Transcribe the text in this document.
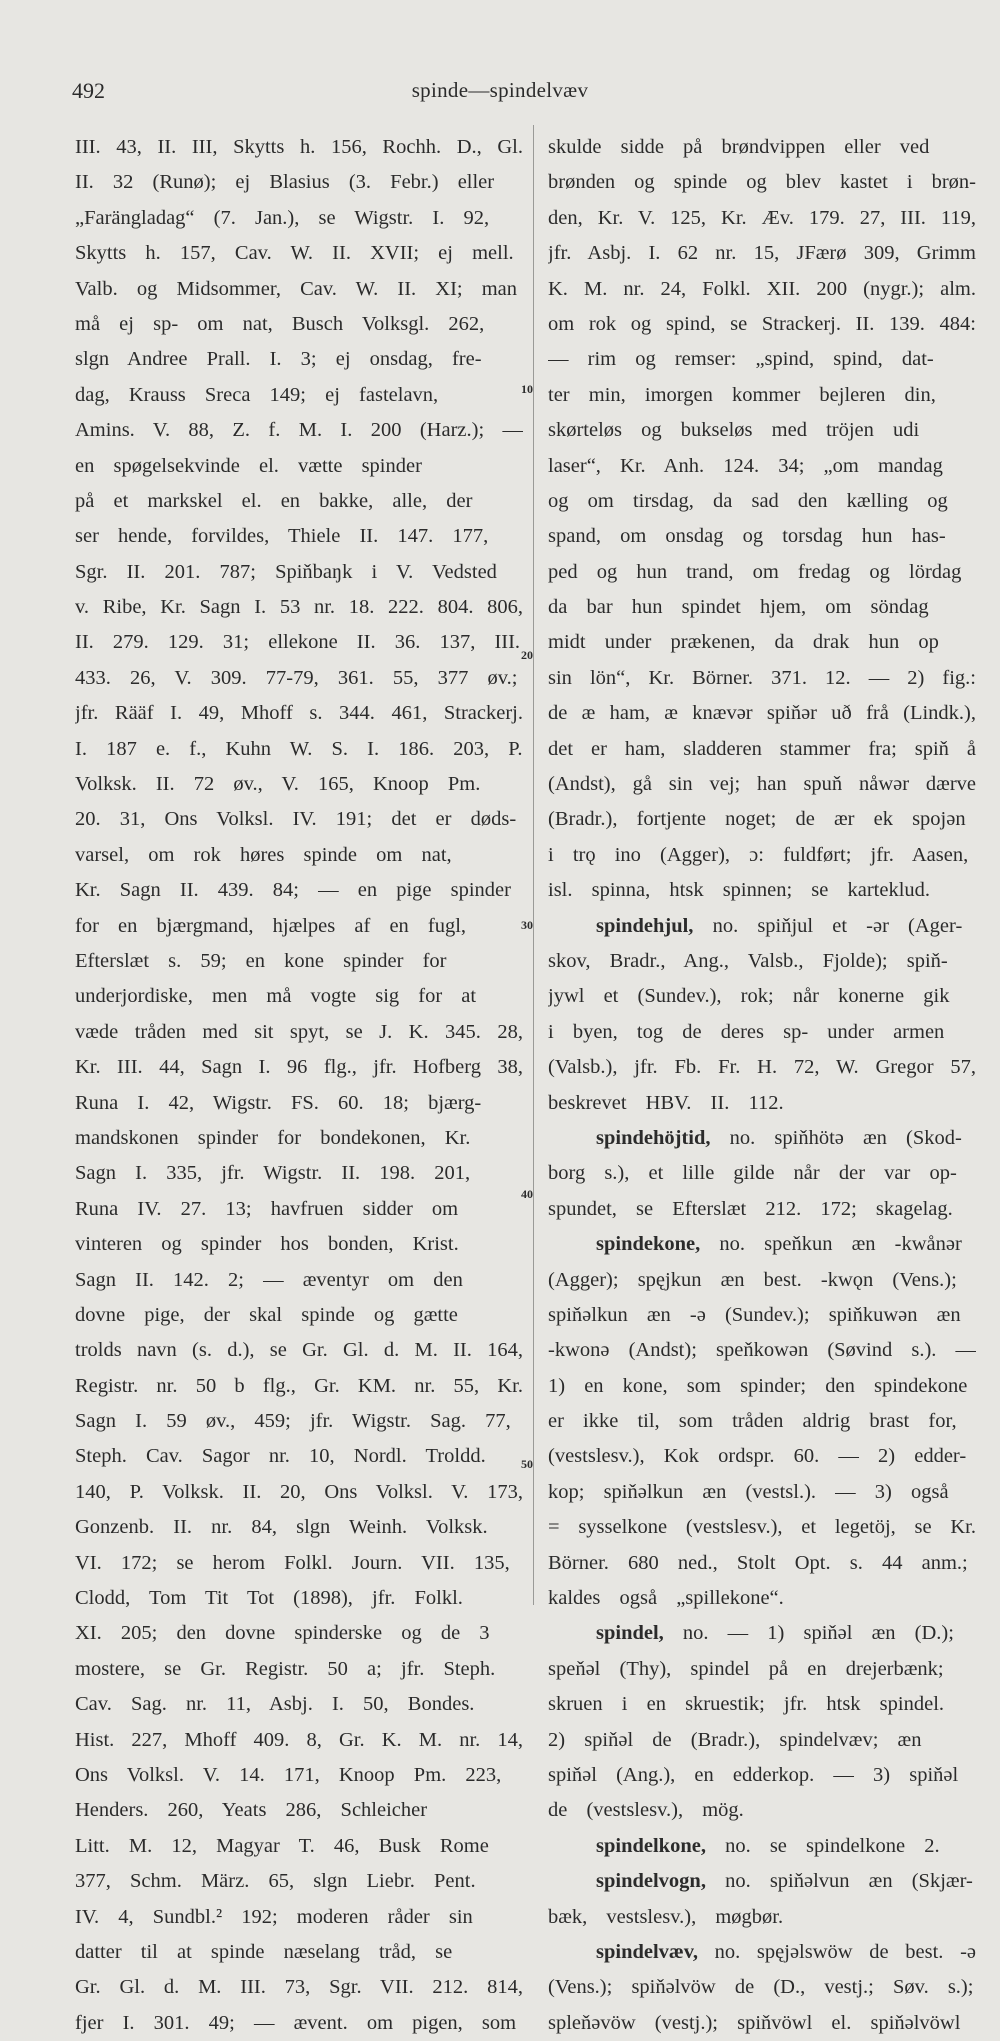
492	spinde—spindelvæv
III. 43, II. III, Skytts h. 156, Rochh. D., Gl.
II. 32 (Runø); ej Blasius (3. Febr.) eller
„Farängladag“ (7. Jan.), se Wigstr. I. 92,
Skytts h. 157, Cav. W. II. XVII; ej mell.
Valb. og Midsommer, Cav. W. II. XI; man
må ej sp- om nat, Busch Volksgl. 262,
slgn Andree Prall. I. 3; ej onsdag, fre-
dag, Krauss Sreca 149; ej fastelavn,
Amins. V. 88, Z. f. M. I. 200 (Harz.); —
en spøgelsekvinde el. vætte spinder
på et markskel el. en bakke, alle, der
ser hende, forvildes, Thiele II. 147. 177,
Sgr. II. 201. 787; Spiňbaŋk i V. Vedsted
v. Ribe, Kr. Sagn I. 53 nr. 18. 222. 804. 806,
II. 279. 129. 31; ellekone II. 36. 137, III.
433. 26, V. 309. 77-79, 361. 55, 377 øv.;
jfr. Rääf I. 49, Mhoff s. 344. 461, Strackerj.
I. 187 e. f., Kuhn W. S. I. 186. 203, P.
Volksk. II. 72 øv., V. 165, Knoop Pm.
20. 31, Ons Volksl. IV. 191; det er døds-
varsel, om rok høres spinde om nat,
Kr. Sagn II. 439. 84; — en pige spinder
for en bjærgmand, hjælpes af en fugl,
Efterslæt s. 59; en kone spinder for
underjordiske, men må vogte sig for at
væde tråden med sit spyt, se J. K. 345. 28,
Kr. III. 44, Sagn I. 96 flg., jfr. Hofberg 38,
Runa I. 42, Wigstr. FS. 60. 18; bjærg-
mandskonen spinder for bondekonen, Kr.
Sagn I. 335, jfr. Wigstr. II. 198. 201,
Runa IV. 27. 13; havfruen sidder om
vinteren og spinder hos bonden, Krist.
Sagn II. 142. 2; — æventyr om den
dovne pige, der skal spinde og gætte
trolds navn (s. d.), se Gr. Gl. d. M. II. 164,
Registr. nr. 50 b flg., Gr. KM. nr. 55, Kr.
Sagn I. 59 øv., 459; jfr. Wigstr. Sag. 77,
Steph. Cav. Sagor nr. 10, Nordl. Troldd.
140, P. Volksk. II. 20, Ons Volksl. V. 173,
Gonzenb. II. nr. 84, slgn Weinh. Volksk.
VI. 172; se herom Folkl. Journ. VII. 135,
Clodd, Tom Tit Tot (1898), jfr. Folkl.
XI. 205; den dovne spinderske og de 3
mostere, se Gr. Registr. 50 a; jfr. Steph.
Cav. Sag. nr. 11, Asbj. I. 50, Bondes.
Hist. 227, Mhoff 409. 8, Gr. K. M. nr. 14,
Ons Volksl. V. 14. 171, Knoop Pm. 223,
Henders. 260, Yeats 286, Schleicher
Litt. M. 12, Magyar T. 46, Busk Rome
377, Schm. März. 65, slgn Liebr. Pent.
IV. 4, Sundbl.² 192; moderen råder sin
datter til at spinde næselang tråd, se
Gr. Gl. d. M. III. 73, Sgr. VII. 212. 814,
fjer I. 301. 49; — ævent. om pigen, som
10
20
30
40
50
skulde sidde på brøndvippen eller ved
brønden og spinde og blev kastet i brøn-
den, Kr. V. 125, Kr. Æv. 179. 27, III. 119,
jfr. Asbj. I. 62 nr. 15, JFærø 309, Grimm
K. M. nr. 24, Folkl. XII. 200 (nygr.); alm.
om rok og spind, se Strackerj. II. 139. 484:
— rim og remser: „spind, spind, dat-
ter min, imorgen kommer bejleren din,
skørteløs og bukseløs med tröjen udi
laser“, Kr. Anh. 124. 34; „om mandag
og om tirsdag, da sad den kælling og
spand, om onsdag og torsdag hun has-
ped og hun trand, om fredag og lördag
da bar hun spindet hjem, om söndag
midt under prækenen, da drak hun op
sin lön“, Kr. Börner. 371. 12. — 2) fig.:
de æ ham, æ knævər spiňər uð frå (Lindk.),
det er ham, sladderen stammer fra; spiň å
(Andst), gå sin vej; han spuň nåwər dærve
(Bradr.), fortjente noget; de ær ek spojən
i trǫ ino (Agger), ɔ: fuldført; jfr. Aasen,
isl. spinna, htsk spinnen; se karteklud.
spindehjul, no. spiňjul et -ər (Ager-
skov, Bradr., Ang., Valsb., Fjolde); spiň-
jywl et (Sundev.), rok; når konerne gik
i byen, tog de deres sp- under armen
(Valsb.), jfr. Fb. Fr. H. 72, W. Gregor 57,
beskrevet HBV. II. 112.
spindehöjtid, no. spiňhötə æn (Skod-
borg s.), et lille gilde når der var op-
spundet, se Efterslæt 212. 172; skagelag.
spindekone, no. speňkun æn -kwånər
(Agger); spęjkun æn best. -kwǫn (Vens.);
spiňəlkun æn -ə (Sundev.); spiňkuwən æn
-kwonə (Andst); speňkowən (Søvind s.). —
1) en kone, som spinder; den spindekone
er ikke til, som tråden aldrig brast for,
(vestslesv.), Kok ordspr. 60. — 2) edder-
kop; spiňəlkun æn (vestsl.). — 3) også
= sysselkone (vestslesv.), et legetöj, se Kr.
Börner. 680 ned., Stolt Opt. s. 44 anm.;
kaldes også „spillekone“.
spindel, no. — 1) spiňəl æn (D.);
speňəl (Thy), spindel på en drejerbænk;
skruen i en skruestik; jfr. htsk spindel.
2) spiňəl de (Bradr.), spindelvæv; æn
spiňəl (Ang.), en edderkop. — 3) spiňəl
de (vestslesv.), mög.
spindelkone, no. se spindelkone 2.
spindelvogn, no. spiňəlvun æn (Skjær-
bæk, vestslesv.), møgbør.
spindelvæv, no. spęjəlswöw de best. -ə
(Vens.); spiňəlvöw de (D., vestj.; Søv. s.);
spleňəvöw (vestj.); spiňvöwl el. spiňəlvöwl
